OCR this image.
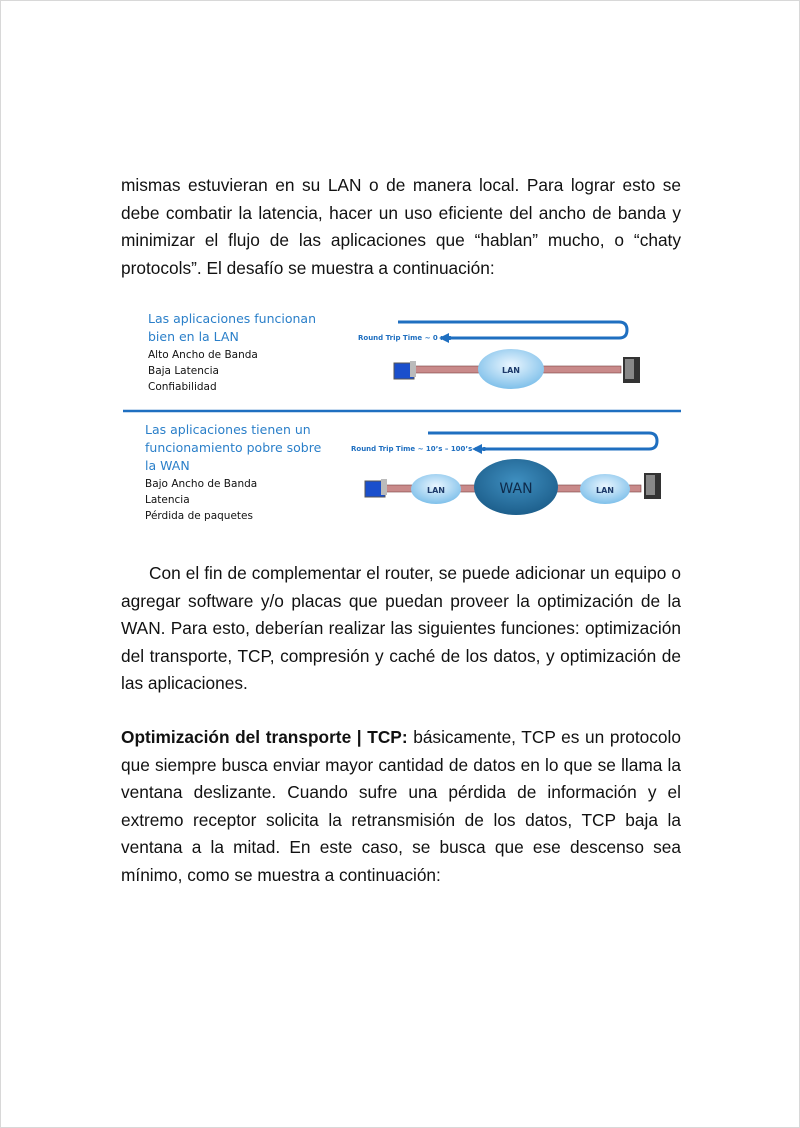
mismas estuvieran en su LAN o de manera local. Para lograr esto se debe combatir la latencia, hacer un uso eficiente del ancho de banda y minimizar el flujo de las aplicaciones que “hablan” mucho, o “chaty protocols”. El desafío se muestra a continuación:

Las aplicaciones funcionan
bien en la LAN
Alto Ancho de Banda
Baja Latencia
Confiabilidad
Round Trip Time ~ 0 ms
LAN
Las aplicaciones tienen un
funcionamiento pobre sobre
la WAN
Bajo Ancho de Banda
Latencia
Pérdida de paquetes
Round Trip Time ~ 10’s – 100’s ms
LAN	WAN	LAN

Con el fin de complementar el router, se puede adicionar un equipo o agregar software y/o placas que puedan proveer la optimización de la WAN. Para esto, deberían realizar las siguientes funciones: optimización del transporte, TCP, compresión y caché de los datos, y optimización de las aplicaciones.

Optimización del transporte | TCP: básicamente, TCP es un protocolo que siempre busca enviar mayor cantidad de datos en lo que se llama la ventana deslizante. Cuando sufre una pérdida de información y el extremo receptor solicita la retransmisión de los datos, TCP baja la ventana a la mitad. En este caso, se busca que ese descenso sea mínimo, como se muestra a continuación:
